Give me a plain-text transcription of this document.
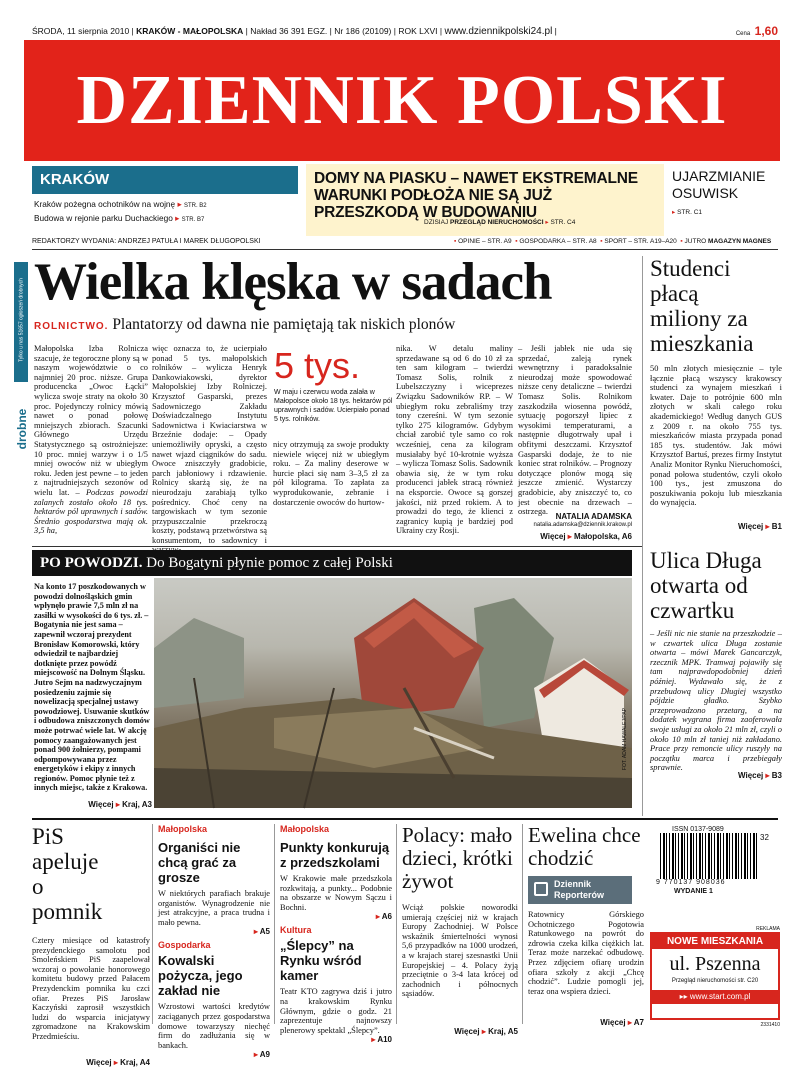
ŚRODA, 11 sierpnia 2010 | KRAKÓW - MAŁOPOLSKA | Nakład 36 391 EGZ. | Nr 186 (20109) | ROK LXVI | www.dziennikpolski24.pl |	Cena 1,60
DZIENNIK POLSKI
KRAKÓW
Kraków pożegna ochotników na wojnę ▸ STR. B2
Budowa w rejonie parku Duchackiego ▸ STR. B7
DOMY NA PIASKU – NAWET EKSTREMALNE WARUNKI PODŁOŻA NIE SĄ JUŻ PRZESZKODĄ W BUDOWANIU
DZISIAJ PRZEGLĄD NIERUCHOMOŚCI ▸ STR. C4
UJARZMIANIE OSUWISK
▸ STR. C1
REDAKTORZY WYDANIA: ANDRZEJ PATUŁA I MAREK DŁUGOPOLSKI	▪ OPINIE – STR. A9 ▪ GOSPODARKA – STR. A8 ▪ SPORT – STR. A19–A20 ▪ JUTRO MAGAZYN MAGNES
drobne
Tylko u nas 51657 ogłoszeń drobnych Wielka klęska w sadach
ROLNICTWO. Plantatorzy od dawna nie pamiętają tak niskich plonów
Małopolska Izba Rolnicza szacuje, że tegoroczne plony są w naszym województwie o co najmniej 20 proc. niższe. Grupa producencka „Owoc Łącki” wylicza swoje straty na około 30 proc. Pojedynczy rolnicy mówią nawet o ponad połowę mniejszych zbiorach. Szacunki Głównego Urzędu Statystycznego są ostrożniejsze: 10 proc. mniej warzyw i o 1/5 mniej owoców niż w ubiegłym roku. Jeden jest pewne – to jeden z najtrudniejszych sezonów od wielu lat. – Podczas powodzi zalanych zostało około 18 tys. hektarów pól uprawnych i sadów. Średnio gospodarstwa mają ok. 3,5 ha,
więc oznacza to, że ucierpiało ponad 5 tys. małopolskich rolników – wylicza Henryk Dankowiakowski, dyrektor Małopolskiej Izby Rolniczej. Krzysztof Gasparski, prezes Sadowniczego Zakładu Doświadczalnego Instytutu Sadownictwa i Kwiaciarstwa w Brzeźnie dodaje: – Opady uniemożliwiły opryski, a często nawet wjazd ciągników do sadu. Owoce zniszczyły gradobicie, parch jabłoniowy i rdzawienie. Rolnicy skarżą się, że na nieurodzaju zarabiają tylko pośrednicy. Choć ceny na targowiskach w tym sezonie przypuszczalnie przekroczą koszty, podstawą przetwórstwa są konsumentom, to sadownicy i
5 tys.
W maju i czerwcu woda zalała w Małopolsce około 18 tys. hektarów pól uprawnych i sadów. Ucierpiało ponad 5 tys. rolników.
nicy otrzymują za swoje produkty niewiele więcej niż w ubiegłym roku. – Za maliny deserowe w hurcie płaci się nam 3–3,5 zł za pół kilograma. To zapłata za wyprodukowanie, zebranie i dostarczenie owoców do hurtow-
nika. W detalu maliny sprzedawane są od 6 do 10 zł za ten sam kilogram – twierdzi Tomasz Solis, rolnik z Lubelszczyzny i wiceprezes Związku Sadowników RP. – W ubiegłym roku zebraliśmy trzy tony czereśni. W tym sezonie tylko 275 kilogramów. Gdybym chciał zarobić tyle samo co rok wcześniej, cena za kilogram musiałaby być 10-krotnie wyższa – wylicza Tomasz Solis. Sadownik obawia się, że w tym roku producenci jabłek stracą również na eksporcie. Owoce są gorszej jakości, niż przed rokiem. A to prowadzi do tego, że klienci z zagranicy kupią je bardziej pod Ukrainy czy Rosji.
– Jeśli jabłek nie uda się sprzedać, zaleją rynek wewnętrzny i paradoksalnie nieurodzaj może spowodować niższe ceny detaliczne – twierdzi Tomasz Solis. Rolnikom zaszkodziła wiosenna powódź, sytuację pogorszył lipiec z wysokimi temperaturami, a następnie długotrwały upał i obfitymi deszczami. Krzysztof Gasparski dodaje, że to nie koniec strat rolników. – Prognozy dotyczące plonów mogą się jeszcze zmienić. Wystarczy gradobicie, aby zniszczyć to, co jest obecnie na drzewach – ostrzega.
NATALIA ADAMSKA
natalia.adamska@dziennik.krakow.pl
Więcej ▸ Małopolska, A6
Studenci płacą miliony za mieszkania
50 mln złotych miesięcznie – tyle łącznie płacą wszyscy krakowscy studenci za wynajem mieszkań i kwater. Daje to potrójnie 600 mln złotych w skali całego roku akademickiego! Według danych GUS z 2009 r. na około 755 tys. mieszkańców miasta przypada ponad 185 tys. studentów. Jak mówi Krzysztof Bartuś, prezes firmy Instytut Analiz Monitor Rynku Nieruchomości, ponad połowa studentów, czyli około 100 tys., jest zmuszona do poszukiwania pokoju lub mieszkania do wynajęcia.
Więcej ▸ B1
PO POWODZI. Do Bogatyni płynie pomoc z całej Polski
Na konto 17 poszkodowanych w powodzi dolnośląskich gmin wpłynęło prawie 7,5 mln zł na zasiłki w wysokości do 6 tys. zł. – Bogatynia nie jest sama – zapewnił wczoraj prezydent Bronisław Komorowski, który odwiedził te najbardziej dotknięte przez powódź miejscowość na Dolnym Śląsku. Jutro Sejm na nadzwyczajnym posiedzeniu zajmie się nowelizacją specjalnej ustawy powodziowej. Usuwanie skutków i odbudowa zniszczonych domów może potrwać wiele lat. W akcję pomocy zaangażowanych jest ponad 900 żołnierzy, pompami odpompowywana przez energetyków i ekipy z innych regionów. Pomoc płynie też z innych miejsc, także z Krakowa.
Więcej ▸ Kraj, A3
FOT. ADAM HAWALEJ/PAP
Ulica Długa otwarta od czwartku
– Jeśli nic nie stanie na przeszkodzie – w czwartek ulica Długa zostanie otwarta – mówi Marek Gancarczyk, rzecznik MPK. Tramwaj pojawiły się tam najprawdopodobniej dzień później. Wydawało się, że z przebudową ulicy Długiej wszystko pójdzie gładko. Szybko przeprowadzono przetarg, a na dodatek wygrana firma zaoferowała swoje usługi za około 21 mln zł, czyli o około 10 mln zł taniej niż zakładano. Prace przy remoncie ulicy ruszyły na początku marca i przebiegały sprawnie.
Więcej ▸ B3
PiS apeluje o pomnik
Cztery miesiące od katastrofy prezydenckiego samolotu pod Smoleńskiem PiS zaapelował wczoraj o powołanie honorowego komitetu budowy przed Pałacem Prezydenckim pomnika ku czci ofiar. Prezes PiS Jarosław Kaczyński zaprosił wszystkich ludzi do wsparcia inicjatywy zgromadzone na Krakowskim Przedmieściu.
Więcej ▸ Kraj, A4
Małopolska
Organiści nie chcą grać za grosze
W niektórych parafiach brakuje organistów. Wynagrodzenie nie jest atrakcyjne, a praca trudna i mało pewna.
▸ A5
Gospodarka
Kowalski pożycza, jego zakład nie
Wzrostowi wartości kredytów zaciąganych przez gospodarstwa domowe towarzyszy niechęć firm do zadłużania się w bankach.
▸ A9
Małopolska
Punkty konkurują z przedszkolami
W Krakowie małe przedszkola rozkwitają, a punkty... Podobnie na obszarze w Nowym Sączu i Bochni.
▸ A6
Kultura
„Ślepcy” na Rynku wśród kamer
Teatr KTO zagrywa dziś i jutro na krakowskim Rynku Głównym, gdzie o godz. 21 zaprezentuje najnowszy plenerowy spektakl „Ślepcy”.
▸ A10
Polacy: mało dzieci, krótki żywot
Wciąż polskie noworodki umierają częściej niż w krajach Europy Zachodniej. W Polsce wskaźnik śmiertelności wynosi 5,6 przypadków na 1000 urodzeń, a w krajach starej szesnastki Unii Europejskiej – 4. Polacy żyją przeciętnie o 3-4 lata krócej od zachodnich i północnych sąsiadów.
Więcej ▸ Kraj, A5
Ewelina chce chodzić
Dziennik
Reporterów
Ratownicy Górskiego Ochotniczego Pogotowia Ratunkowego na powrót do zdrowia czeka kilka ciężkich lat. Teraz może narzekać odbudowę. Przez zdjęciem ofiarę urodzin ofiara szkoły z akcji „Chcę chodzić”. Ludzie pomogli jej, teraz ona wspiera dzieci.
Więcej ▸ A7
ISSN 0137-9089
32
9 770137 908036
WYDANIE 1
REKLAMA
NOWE MIESZKANIA
ul. Pszenna
Przegląd nieruchomości str. C20
▸▸ www.start.com.pl
2331410
